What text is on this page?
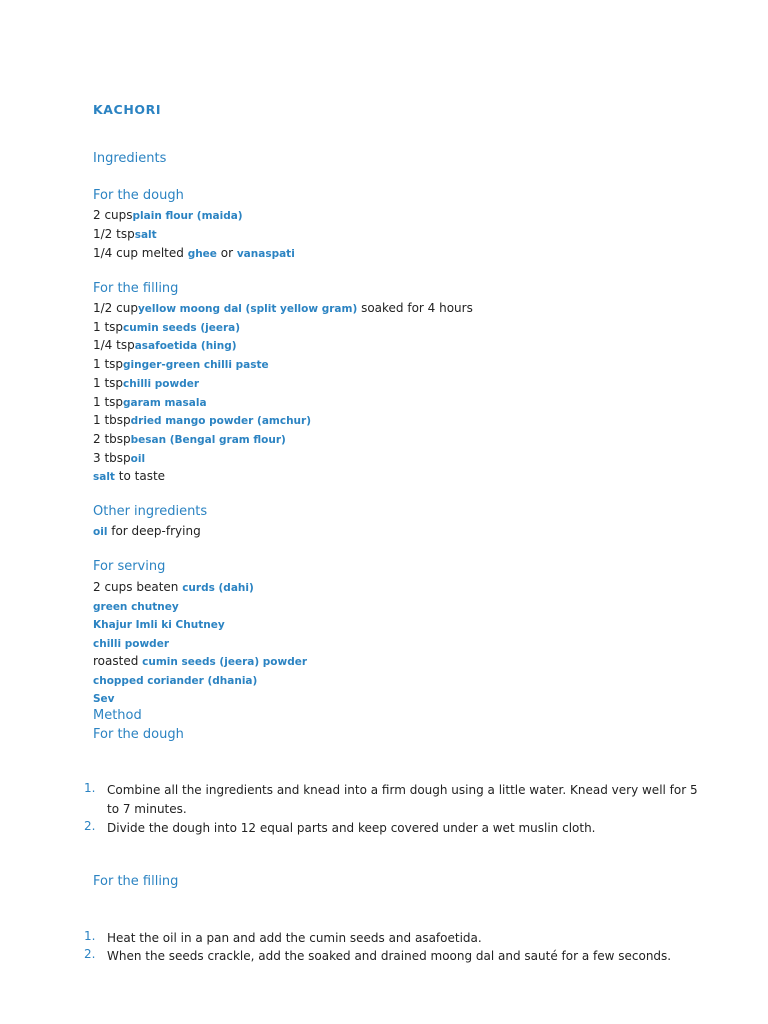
KACHORI
Ingredients
For the dough
2 cupsplain flour (maida)
1/2 tspsalt
1/4 cup melted ghee or vanaspati
For the filling
1/2 cupyellow moong dal (split yellow gram) soaked for 4 hours
1 tspcumin seeds (jeera)
1/4 tspasafoetida (hing)
1 tspginger-green chilli paste
1 tspchilli powder
1 tspgaram masala
1 tbspdried mango powder (amchur)
2 tbspbesan (Bengal gram flour)
3 tbspoil
salt to taste
Other ingredients
oil for deep-frying
For serving
2 cups beaten curds (dahi)
green chutney
Khajur Imli ki Chutney
chilli powder
roasted cumin seeds (jeera) powder
chopped coriander (dhania)
Sev
Method
For the dough
1. Combine all the ingredients and knead into a firm dough using a little water. Knead very well for 5 to 7 minutes.
2. Divide the dough into 12 equal parts and keep covered under a wet muslin cloth.
For the filling
1. Heat the oil in a pan and add the cumin seeds and asafoetida.
2. When the seeds crackle, add the soaked and drained moong dal and sauté for a few seconds.
